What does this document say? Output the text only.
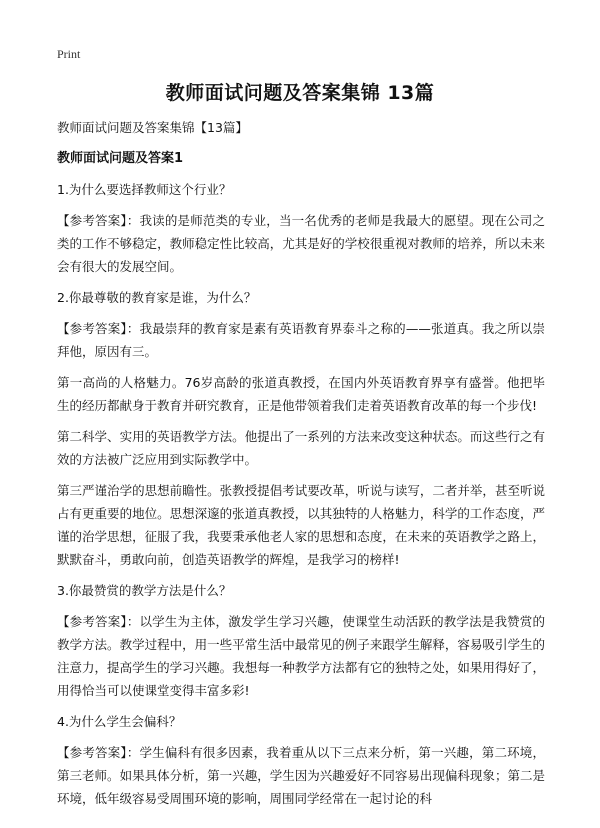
Print
教师面试问题及答案集锦 13篇

教师面试问题及答案集锦【13篇】

教师面试问题及答案1

1.为什么要选择教师这个行业？

【参考答案】：我读的是师范类的专业，当一名优秀的老师是我最大的愿望。现在公司之类的工作不够稳定，教师稳定性比较高，尤其是好的学校很重视对教师的培养，所以未来会有很大的发展空间。

2.你最尊敬的教育家是谁，为什么？

【参考答案】：我最崇拜的教育家是素有英语教育界泰斗之称的——张道真。我之所以崇拜他，原因有三。

第一高尚的人格魅力。76岁高龄的张道真教授，在国内外英语教育界享有盛誉。他把毕生的经历都献身于教育并研究教育，正是他带领着我们走着英语教育改革的每一个步伐!

第二科学、实用的英语教学方法。他提出了一系列的方法来改变这种状态。而这些行之有效的方法被广泛应用到实际教学中。

第三严谨治学的思想前瞻性。张教授提倡考试要改革，听说与读写，二者并举，甚至听说占有更重要的地位。思想深邃的张道真教授，以其独特的人格魅力，科学的工作态度，严谨的治学思想，征服了我，我要秉承他老人家的思想和态度，在未来的英语教学之路上，默默奋斗，勇敢向前，创造英语教学的辉煌，是我学习的榜样!

3.你最赞赏的教学方法是什么？

【参考答案】：以学生为主体，激发学生学习兴趣，使课堂生动活跃的教学法是我赞赏的教学方法。教学过程中，用一些平常生活中最常见的例子来跟学生解释，容易吸引学生的注意力，提高学生的学习兴趣。我想每一种教学方法都有它的独特之处，如果用得好了，用得恰当可以使课堂变得丰富多彩!

4.为什么学生会偏科？

【参考答案】：学生偏科有很多因素，我着重从以下三点来分析，第一兴趣，第二环境，第三老师。如果具体分析，第一兴趣，学生因为兴趣爱好不同容易出现偏科现象；第二是环境，低年级容易受周围环境的影响，周围同学经常在一起讨论的科
